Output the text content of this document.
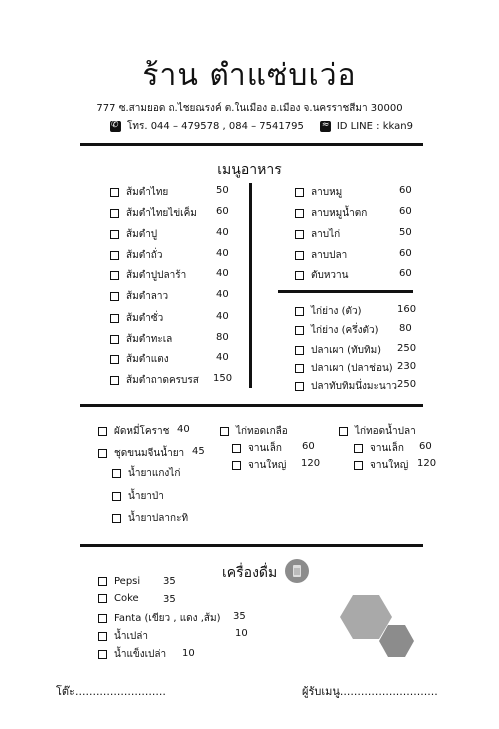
ร้าน ตำแซ่บเว่อ
777 ซ.สามยอด ถ.ไชยณรงค์ ต.ในเมือง อ.เมือง จ.นครราชสีมา 30000
✆
โทร. 044 – 479578 , 084 – 7541795 ≈	ID LINE : kkan9
เมนูอาหาร
ส้มตำไทย	50
ส้มตำไทยไข่เค็ม 60
ส้มตำปู	40
ส้มตำถั่ว	40
ส้มตำปูปลาร้า	40
ส้มตำลาว	40
ส้มตำซั่ว	40
ส้มตำทะเล	80
ส้มตำแตง	40
ส้มตำถาดครบรส 150
ลาบหมู	60
ลาบหมูน้ำตก	60
ลาบไก่	50
ลาบปลา	60
ตับหวาน	60
ไก่ย่าง (ตัว)	160
ไก่ย่าง (ครึ่งตัว) 80
ปลาเผา (ทับทิม) 250
ปลาเผา (ปลาช่อน) 230
ปลาทับทิมนึ่งมะนาว 250
ผัดหมี่โคราช 40
ชุดขนมจีนน้ำยา 45
น้ำยาแกงไก่
น้ำยาป่า
น้ำยาปลากะทิ
ไก่ทอดเกลือ
จานเล็ก 60
จานใหญ่ 120
ไก่ทอดน้ำปลา
จานเล็ก 60
จานใหญ่ 120
เครื่องดื่ม
Pepsi 35
Coke 35
Fanta (เขียว , แดง ,ส้ม) 35
น้ำเปล่า	10
น้ำแข็งเปล่า 10
โต๊ะ..........................	ผู้รับเมนู............................
